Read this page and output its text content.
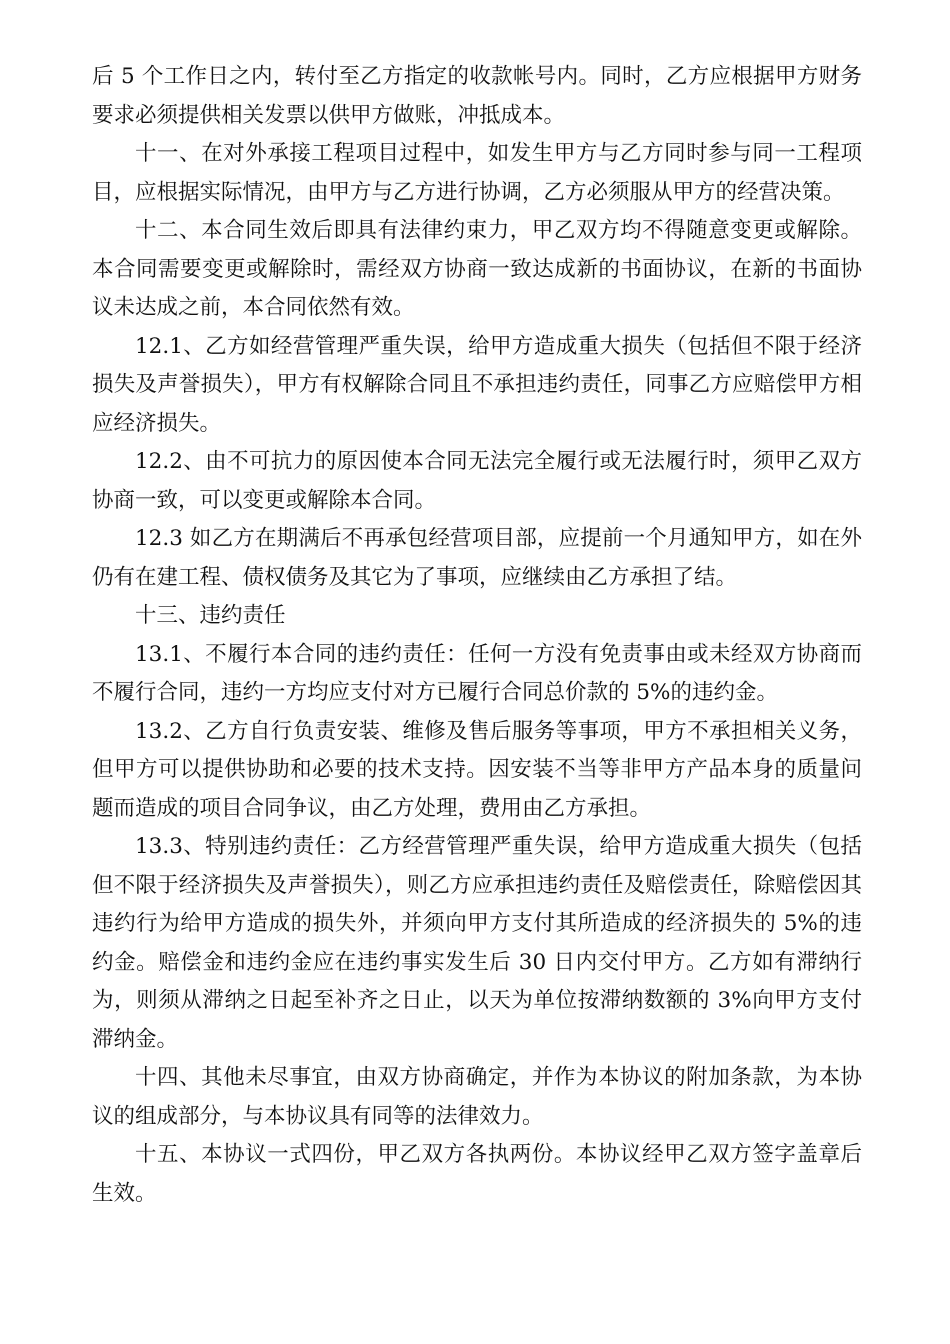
后 5 个工作日之内，转付至乙方指定的收款帐号内。同时，乙方应根据甲方财务要求必须提供相关发票以供甲方做账，冲抵成本。

十一、在对外承接工程项目过程中，如发生甲方与乙方同时参与同一工程项目，应根据实际情况，由甲方与乙方进行协调，乙方必须服从甲方的经营决策。

十二、本合同生效后即具有法律约束力，甲乙双方均不得随意变更或解除。本合同需要变更或解除时，需经双方协商一致达成新的书面协议，在新的书面协议未达成之前，本合同依然有效。

12.1、乙方如经营管理严重失误，给甲方造成重大损失（包括但不限于经济损失及声誉损失），甲方有权解除合同且不承担违约责任，同事乙方应赔偿甲方相应经济损失。

12.2、由不可抗力的原因使本合同无法完全履行或无法履行时，须甲乙双方协商一致，可以变更或解除本合同。

12.3 如乙方在期满后不再承包经营项目部，应提前一个月通知甲方，如在外仍有在建工程、债权债务及其它为了事项，应继续由乙方承担了结。

十三、违约责任

13.1、不履行本合同的违约责任：任何一方没有免责事由或未经双方协商而不履行合同，违约一方均应支付对方已履行合同总价款的 5%的违约金。

13.2、乙方自行负责安装、维修及售后服务等事项，甲方不承担相关义务，但甲方可以提供协助和必要的技术支持。因安装不当等非甲方产品本身的质量问题而造成的项目合同争议，由乙方处理，费用由乙方承担。

13.3、特别违约责任：乙方经营管理严重失误，给甲方造成重大损失（包括但不限于经济损失及声誉损失），则乙方应承担违约责任及赔偿责任，除赔偿因其违约行为给甲方造成的损失外，并须向甲方支付其所造成的经济损失的 5%的违约金。赔偿金和违约金应在违约事实发生后 30 日内交付甲方。乙方如有滞纳行为，则须从滞纳之日起至补齐之日止，以天为单位按滞纳数额的 3%向甲方支付滞纳金。

十四、其他未尽事宜，由双方协商确定，并作为本协议的附加条款，为本协议的组成部分，与本协议具有同等的法律效力。

十五、本协议一式四份，甲乙双方各执两份。本协议经甲乙双方签字盖章后生效。
